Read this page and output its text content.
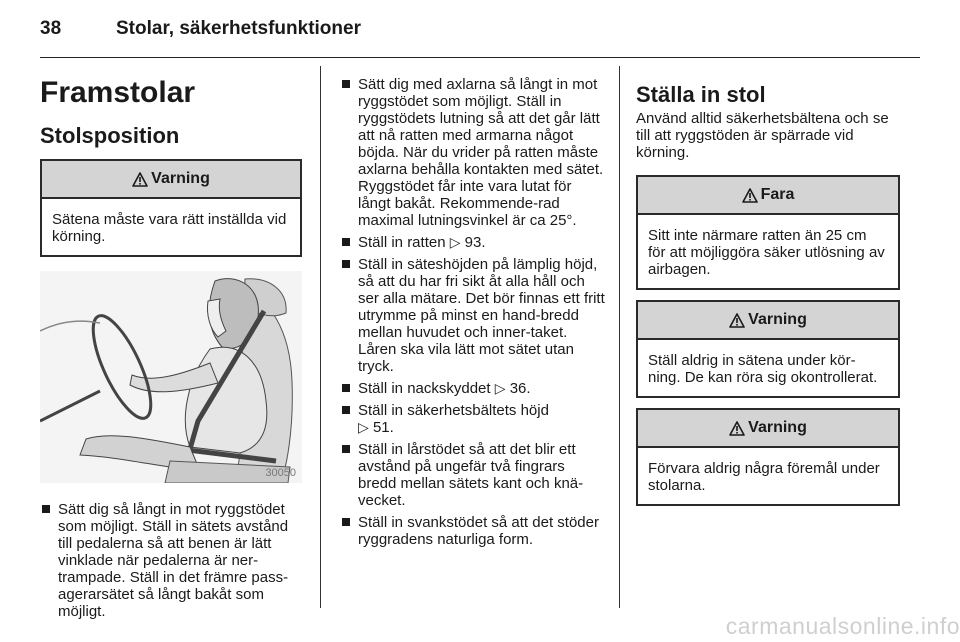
38	Stolar, säkerhetsfunktioner
Framstolar
Stolsposition
Varning
Sätena måste vara rätt inställda vid körning.
30050
Sätt dig så långt in mot ryggstödet som möjligt. Ställ in sätets avstånd till pedalerna så att benen är lätt vinklade när pedalerna är ner-trampade. Ställ in det främre pass-agerarsätet så långt bakåt som möjligt.
Sätt dig med axlarna så långt in mot ryggstödet som möjligt. Ställ in ryggstödets lutning så att det går lätt att nå ratten med armarna något böjda. När du vrider på ratten måste axlarna behålla kontakten med sätet. Ryggstödet får inte vara lutat för långt bakåt. Rekommende-rad maximal lutningsvinkel är ca 25°.
Ställ in ratten ▷ 93.
Ställ in säteshöjden på lämplig höjd, så att du har fri sikt åt alla håll och ser alla mätare. Det bör finnas ett fritt utrymme på minst en hand-bredd mellan huvudet och inner-taket. Låren ska vila lätt mot sätet utan tryck.
Ställ in nackskyddet ▷ 36.
Ställ in säkerhetsbältets höjd
▷ 51.
Ställ in lårstödet så att det blir ett avstånd på ungefär två fingrars bredd mellan sätets kant och knä-vecket.
Ställ in svankstödet så att det stöder ryggradens naturliga form.
Ställa in stol
Använd alltid säkerhetsbältena och se till att ryggstöden är spärrade vid körning.
Fara
Sitt inte närmare ratten än 25 cm för att möjliggöra säker utlösning av airbagen.
Varning
Ställ aldrig in sätena under kör-ning. De kan röra sig okontrollerat.
Varning
Förvara aldrig några föremål under stolarna.
carmanualsonline.info
